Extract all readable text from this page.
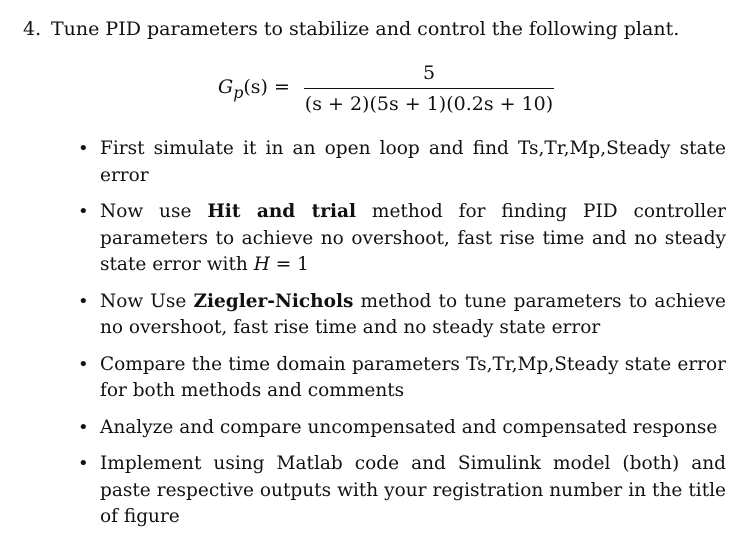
4. Tune PID parameters to stabilize and control the following plant.
$G_p(s)$ =
5
(s + 2)(5s + 1)(0.2s + 10)
• First simulate it in an open loop and find Ts,Tr,Mp,Steady state error
• Now use Hit and trial method for finding PID controller parameters to achieve no overshoot, fast rise time and no steady state error with H = 1
• Now Use Ziegler-Nichols method to tune parameters to achieve no overshoot, fast rise time and no steady state error
• Compare the time domain parameters Ts,Tr,Mp,Steady state error for both methods and comments
• Analyze and compare uncompensated and compensated response
• Implement using Matlab code and Simulink model (both) and paste respective outputs with your registration number in the title of figure
